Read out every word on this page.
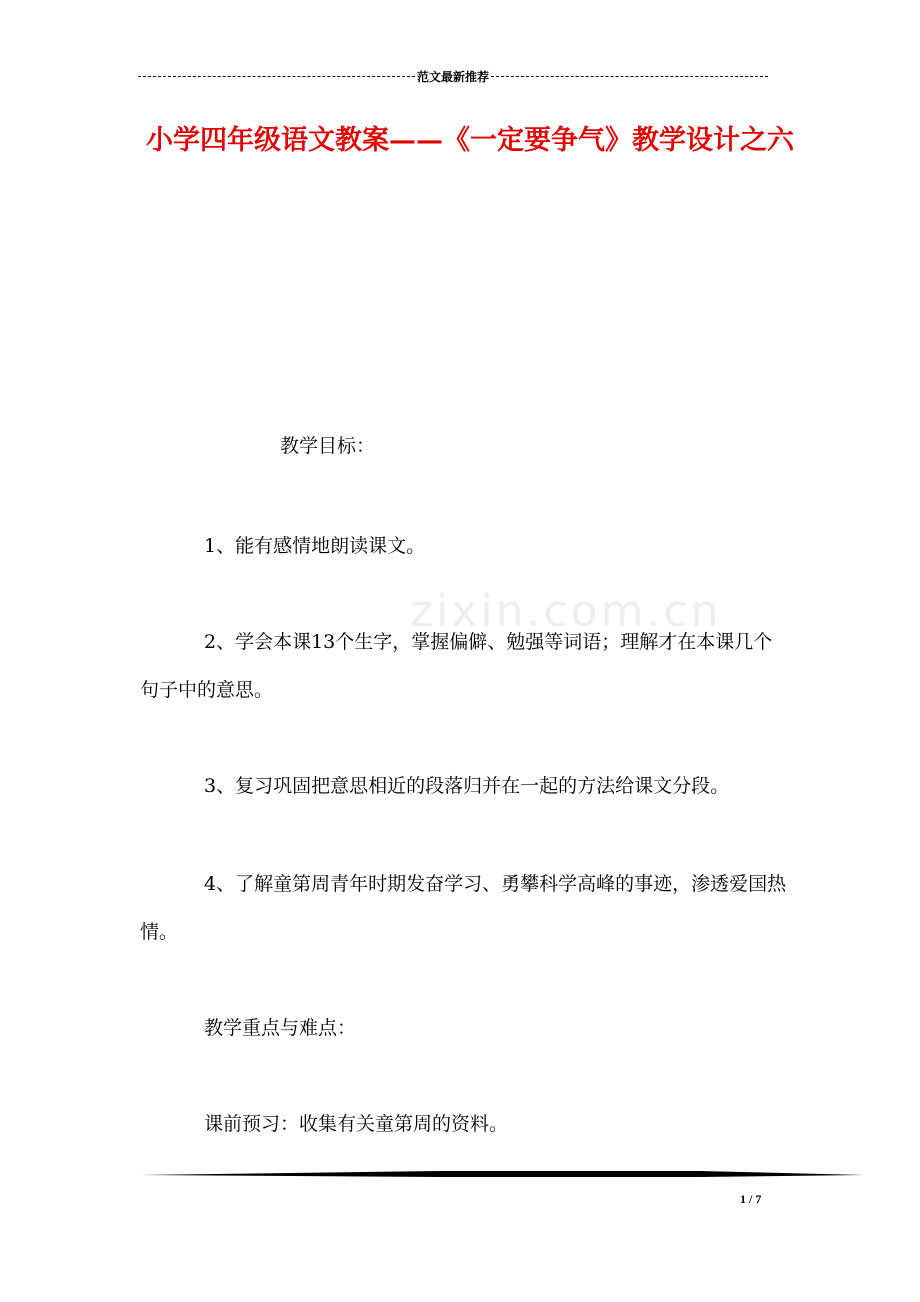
范文最新推荐
小学四年级语文教案——《一定要争气》教学设计之六
zixin.com.cn
教学目标：
1、能有感情地朗读课文。
2、学会本课13个生字，掌握偏僻、勉强等词语；理解才在本课几个句子中的意思。
3、复习巩固把意思相近的段落归并在一起的方法给课文分段。
4、了解童第周青年时期发奋学习、勇攀科学高峰的事迹，渗透爱国热情。
教学重点与难点：
课前预习：收集有关童第周的资料。
1 / 7
